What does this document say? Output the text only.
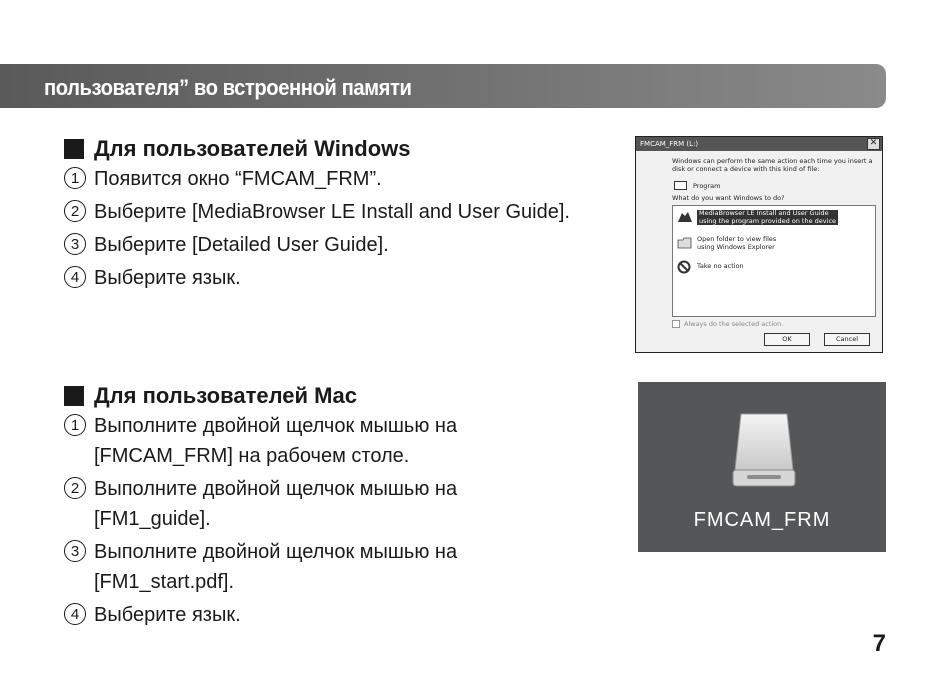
пользователя” во встроенной памяти
Для пользователей Windows
1 Появится окно “FMCAM_FRM”.
2 Выберите [MediaBrowser LE Install and User Guide].
3 Выберите [Detailed User Guide].
4 Выберите язык.
Для пользователей Mac
1 Выполните двойной щелчок мышью на [FMCAM_FRM] на рабочем столе.
2 Выполните двойной щелчок мышью на [FM1_guide].
3 Выполните двойной щелчок мышью на [FM1_start.pdf].
4 Выберите язык.
FMCAM_FRM (L:)	✕
Windows can perform the same action each time you insert a disk or connect a device with this kind of file:
Program
What do you want Windows to do?
MediaBrowser LE Install and User Guide
using the program provided on the device
Open folder to view files
using Windows Explorer
Take no action
Always do the selected action.
OK	Cancel
FMCAM_FRM
7
